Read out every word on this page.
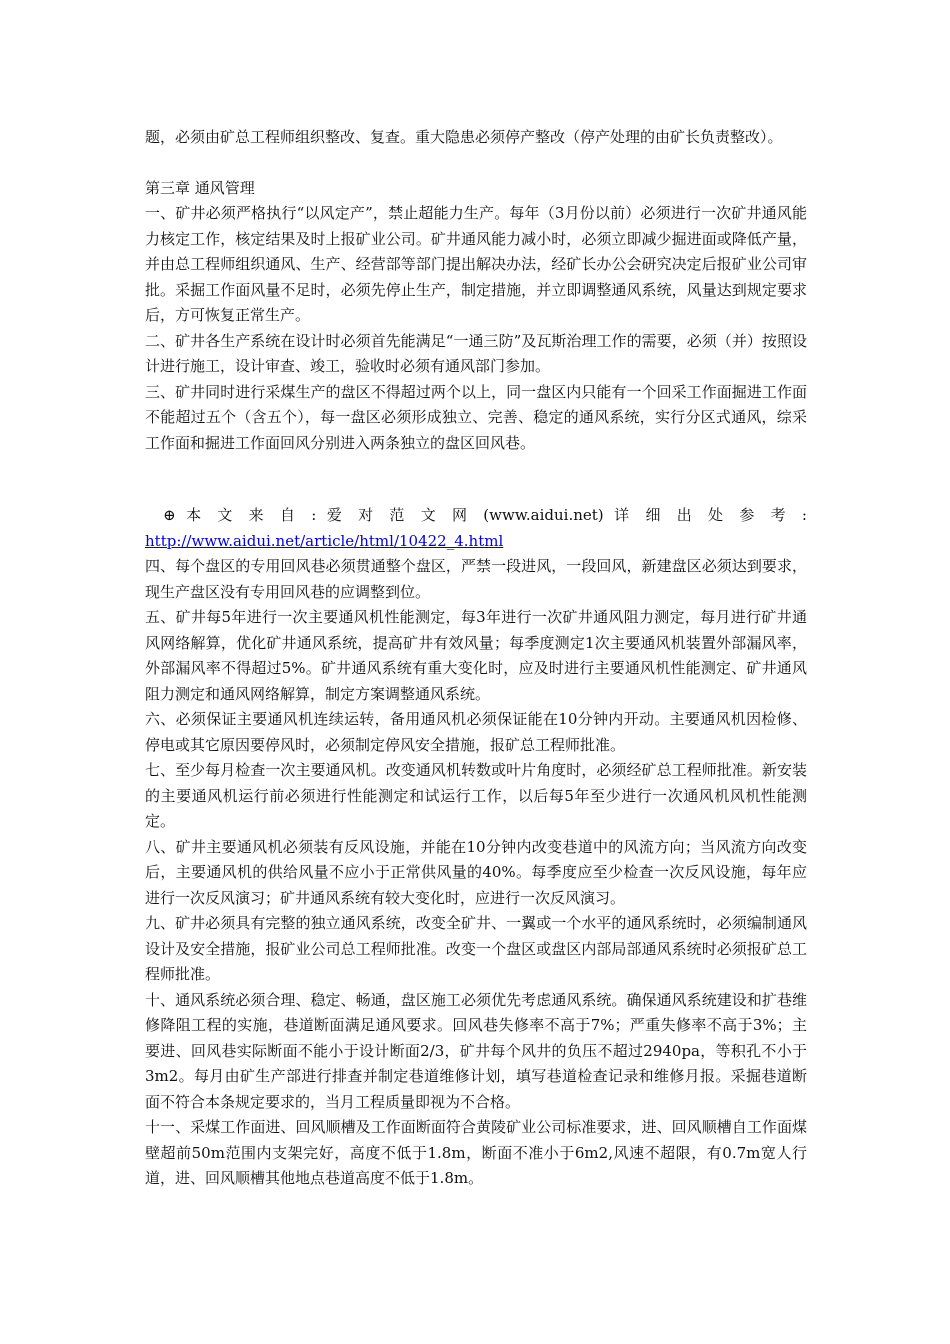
题，必须由矿总工程师组织整改、复查。重大隐患必须停产整改（停产处理的由矿长负责整改）。

第三章 通风管理

一、矿井必须严格执行“以风定产”，禁止超能力生产。每年（3月份以前）必须进行一次矿井通风能力核定工作，核定结果及时上报矿业公司。矿井通风能力减小时，必须立即减少掘进面或降低产量，并由总工程师组织通风、生产、经营部等部门提出解决办法，经矿长办公会研究决定后报矿业公司审批。采掘工作面风量不足时，必须先停止生产，制定措施，并立即调整通风系统，风量达到规定要求后，方可恢复正常生产。

二、矿井各生产系统在设计时必须首先能满足“一通三防”及瓦斯治理工作的需要，必须（并）按照设计进行施工，设计审查、竣工，验收时必须有通风部门参加。

三、矿井同时进行采煤生产的盘区不得超过两个以上，同一盘区内只能有一个回采工作面掘进工作面不能超过五个（含五个），每一盘区必须形成独立、完善、稳定的通风系统，实行分区式通风，综采工作面和掘进工作面回风分别进入两条独立的盘区回风巷。

⊕ 本 文 来 自 : 爱 对 范 文 网 (www.aidui.net) 详 细 出 处 参 考 :

http://www.aidui.net/article/html/10422_4.html

四、每个盘区的专用回风巷必须贯通整个盘区，严禁一段进风，一段回风，新建盘区必须达到要求，现生产盘区没有专用回风巷的应调整到位。

五、矿井每5年进行一次主要通风机性能测定，每3年进行一次矿井通风阻力测定，每月进行矿井通风网络解算，优化矿井通风系统，提高矿井有效风量；每季度测定1次主要通风机装置外部漏风率，外部漏风率不得超过5%。矿井通风系统有重大变化时，应及时进行主要通风机性能测定、矿井通风阻力测定和通风网络解算，制定方案调整通风系统。

六、必须保证主要通风机连续运转，备用通风机必须保证能在10分钟内开动。主要通风机因检修、停电或其它原因要停风时，必须制定停风安全措施，报矿总工程师批准。

七、至少每月检查一次主要通风机。改变通风机转数或叶片角度时，必须经矿总工程师批准。新安装的主要通风机运行前必须进行性能测定和试运行工作，以后每5年至少进行一次通风机风机性能测定。

八、矿井主要通风机必须装有反风设施，并能在10分钟内改变巷道中的风流方向；当风流方向改变后，主要通风机的供给风量不应小于正常供风量的40%。每季度应至少检查一次反风设施，每年应进行一次反风演习；矿井通风系统有较大变化时，应进行一次反风演习。

九、矿井必须具有完整的独立通风系统，改变全矿井、一翼或一个水平的通风系统时，必须编制通风设计及安全措施，报矿业公司总工程师批准。改变一个盘区或盘区内部局部通风系统时必须报矿总工程师批准。

十、通风系统必须合理、稳定、畅通，盘区施工必须优先考虑通风系统。确保通风系统建设和扩巷维修降阻工程的实施，巷道断面满足通风要求。回风巷失修率不高于7%；严重失修率不高于3%；主要进、回风巷实际断面不能小于设计断面2/3，矿井每个风井的负压不超过2940pa，等积孔不小于3m2。每月由矿生产部进行排查并制定巷道维修计划，填写巷道检查记录和维修月报。采掘巷道断面不符合本条规定要求的，当月工程质量即视为不合格。

十一、采煤工作面进、回风顺槽及工作面断面符合黄陵矿业公司标准要求，进、回风顺槽自工作面煤壁超前50m范围内支架完好，高度不低于1.8m，断面不准小于6m2,风速不超限，有0.7m宽人行道，进、回风顺槽其他地点巷道高度不低于1.8m。
